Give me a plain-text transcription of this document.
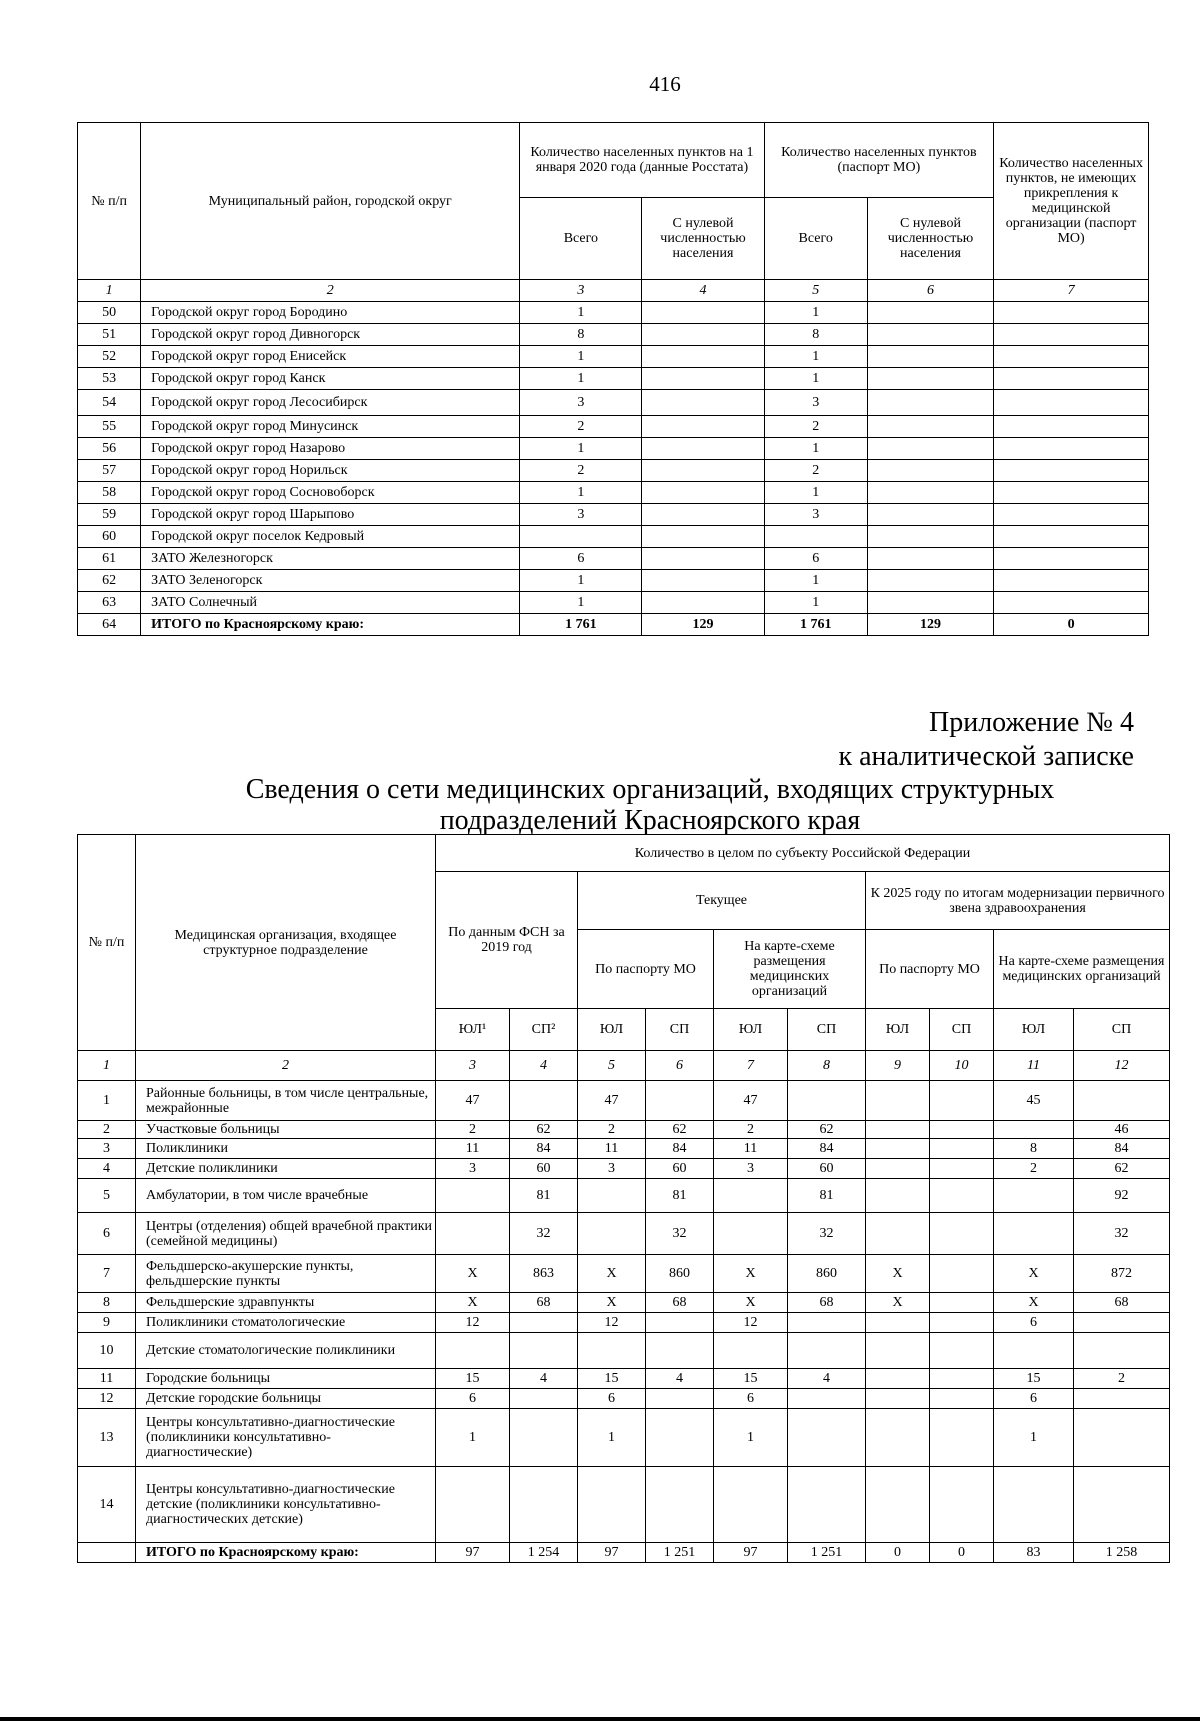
416
№ п/п	Муниципальный район, городской округ	Количество населенных пунктов на 1 января 2020 года (данные Росстата)		Количество населенных пунктов (паспорт МО)		Количество населенных пунктов, не имеющих прикрепления к медицинской организации (паспорт МО)
		Всего	С нулевой численностью населения	Всего	С нулевой численностью населения	
1	2	3	4	5	6	7
50	Городской округ город Бородино	1		1		
51	Городской округ город Дивногорск	8		8		
52	Городской округ город Енисейск	1		1		
53	Городской округ город Канск	1		1		
54	Городской округ город Лесосибирск	3		3		
55	Городской округ город Минусинск	2		2		
56	Городской округ город Назарово	1		1		
57	Городской округ город Норильск	2		2		
58	Городской округ город Сосновоборск	1		1		
59	Городской округ город Шарыпово	3		3		
60	Городской округ поселок Кедровый					
61	ЗАТО Железногорск	6		6		
62	ЗАТО Зеленогорск	1		1		
63	ЗАТО Солнечный	1		1		
64	ИТОГО по Красноярскому краю:	1 761	129	1 761	129	0
Приложение № 4
к аналитической записке
Сведения о сети медицинских организаций, входящих структурных
подразделений Красноярского края
№ п/п	Медицинская организация, входящее структурное подразделение	Количество в целом по субъекту Российской Федерации									
		По данным ФСН за 2019 год		Текущее				К 2025 году по итогам модернизации первичного звена здравоохранения			
				По паспорту МО		На карте-схеме размещения медицинских организаций		По паспорту МО		На карте-схеме размещения медицинских организаций	
		ЮЛ¹	СП²	ЮЛ	СП	ЮЛ	СП	ЮЛ	СП	ЮЛ	СП
1	2	3	4	5	6	7	8	9	10	11	12
1	Районные больницы, в том числе центральные, межрайонные	47		47		47				45	
2	Участковые больницы	2	62	2	62	2	62				46
3	Поликлиники	11	84	11	84	11	84			8	84
4	Детские поликлиники	3	60	3	60	3	60			2	62
5	Амбулатории, в том числе врачебные		81		81		81				92
6	Центры (отделения) общей врачебной практики (семейной медицины)		32		32		32				32
7	Фельдшерско-акушерские пункты, фельдшерские пункты	Х	863	Х	860	Х	860	Х		Х	872
8	Фельдшерские здравпункты	Х	68	Х	68	Х	68	Х		Х	68
9	Поликлиники стоматологические	12		12		12				6	
10	Детские стоматологические поликлиники										
11	Городские больницы	15	4	15	4	15	4			15	2
12	Детские городские больницы	6		6		6				6	
13	Центры консультативно-диагностические (поликлиники консультативно-диагностические)	1		1		1				1	
14	Центры консультативно-диагностические детские (поликлиники консультативно-диагностических детские)										
	ИТОГО по Красноярскому краю:	97	1 254	97	1 251	97	1 251	0	0	83	1 258
